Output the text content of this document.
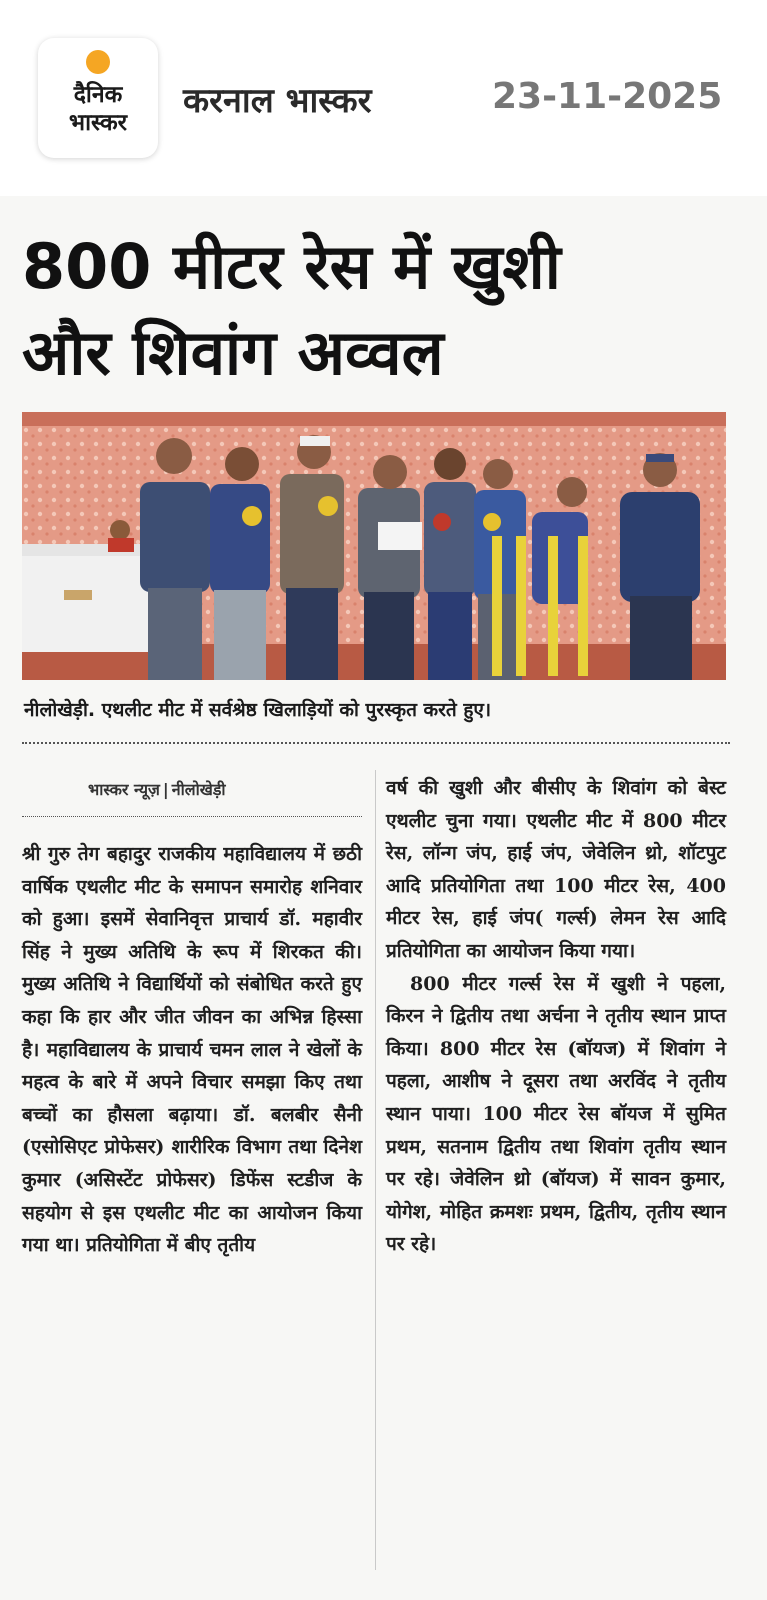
दैनिक
भास्कर
करनाल भास्कर	23-11-2025
800 मीटर रेस में खुशी
और शिवांग अव्वल
नीलोखेड़ी. एथलीट मीट में सर्वश्रेष्ठ खिलाड़ियों को पुरस्कृत करते हुए।
भास्कर न्यूज़ | नीलोखेड़ी
श्री गुरु तेग बहादुर राजकीय महाविद्यालय में छठी वार्षिक एथलीट मीट के समापन समारोह शनिवार को हुआ। इसमें सेवानिवृत्त प्राचार्य डॉ. महावीर सिंह ने मुख्य अतिथि के रूप में शिरकत की। मुख्य अतिथि ने विद्यार्थियों को संबोधित करते हुए कहा कि हार और जीत जीवन का अभिन्न हिस्सा है। महाविद्यालय के प्राचार्य चमन लाल ने खेलों के महत्व के बारे में अपने विचार समझा किए तथा बच्चों का हौसला बढ़ाया। डॉ. बलबीर सैनी (एसोसिएट प्रोफेसर) शारीरिक विभाग तथा दिनेश कुमार (असिस्टेंट प्रोफेसर) डिफेंस स्टडीज के सहयोग से इस एथलीट मीट का आयोजन किया गया था। प्रतियोगिता में बीए तृतीय

वर्ष की खुशी और बीसीए के शिवांग को बेस्ट एथलीट चुना गया। एथलीट मीट में 800 मीटर रेस, लॉन्ग जंप, हाई जंप, जेवेलिन थ्रो, शॉटपुट आदि प्रतियोगिता तथा 100 मीटर रेस, 400 मीटर रेस, हाई जंप( गर्ल्स) लेमन रेस आदि प्रतियोगिता का आयोजन किया गया।

800 मीटर गर्ल्स रेस में खुशी ने पहला, किरन ने द्वितीय तथा अर्चना ने तृतीय स्थान प्राप्त किया। 800 मीटर रेस (बॉयज) में शिवांग ने पहला, आशीष ने दूसरा तथा अरविंद ने तृतीय स्थान पाया। 100 मीटर रेस बॉयज में सुमित प्रथम, सतनाम द्वितीय तथा शिवांग तृतीय स्थान पर रहे। जेवेलिन थ्रो (बॉयज) में सावन कुमार, योगेश, मोहित क्रमशः प्रथम, द्वितीय, तृतीय स्थान पर रहे।
